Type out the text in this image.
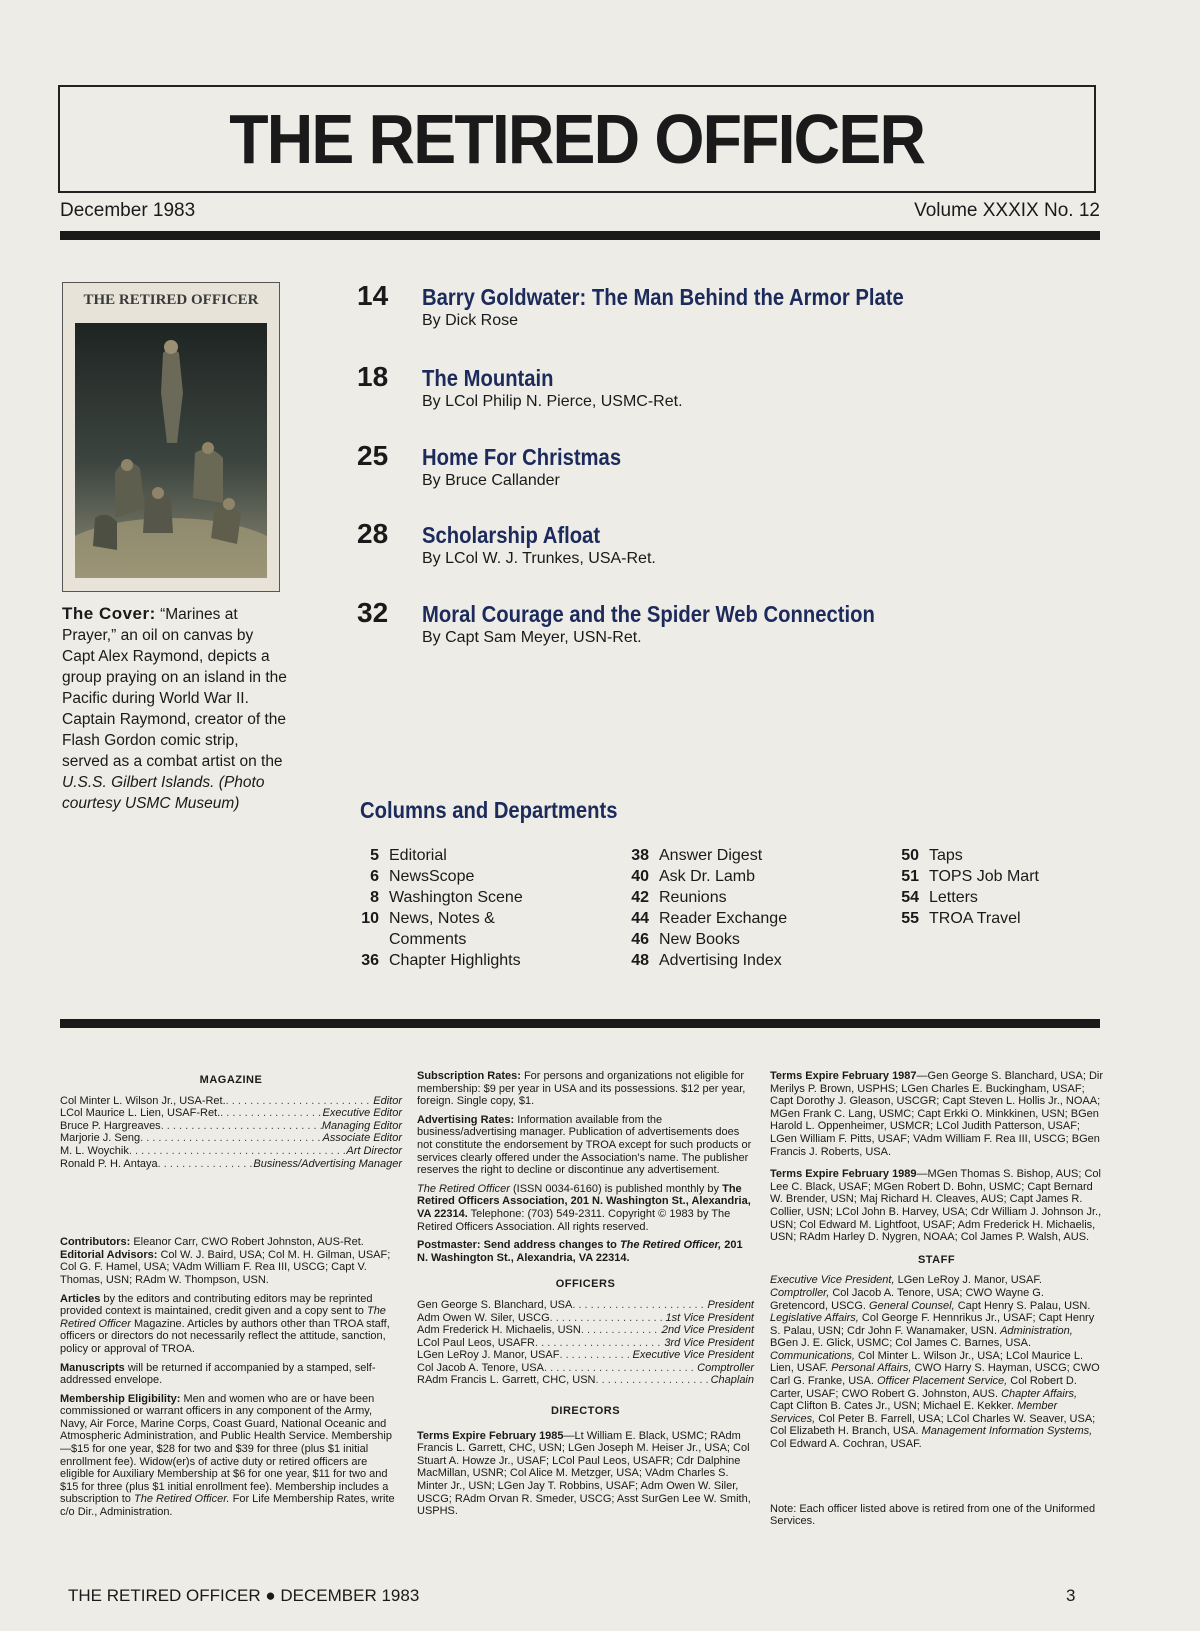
THE RETIRED OFFICER
December 1983	Volume XXXIX No. 12
THE RETIRED OFFICER
The Cover: “Marines at Prayer,” an oil on canvas by Capt Alex Raymond, depicts a group praying on an island in the Pacific during World War II. Captain Raymond, creator of the Flash Gordon comic strip, served as a combat artist on the U.S.S. Gilbert Islands. (Photo courtesy USMC Museum)
14 Barry Goldwater: The Man Behind the Armor Plate
By Dick Rose
18 The Mountain
By LCol Philip N. Pierce, USMC-Ret.
25 Home For Christmas
By Bruce Callander
28 Scholarship Afloat
By LCol W. J. Trunkes, USA-Ret.
32 Moral Courage and the Spider Web Connection
By Capt Sam Meyer, USN-Ret.
Columns and Departments
5 Editorial
6 NewsScope
8 Washington Scene
10 News, Notes &
Comments
36 Chapter Highlights
38 Answer Digest
40 Ask Dr. Lamb
42 Reunions
44 Reader Exchange
46 New Books
48 Advertising Index
50 Taps
51 TOPS Job Mart
54 Letters
55 TROA Travel
MAGAZINE
Col Minter L. Wilson Jr., USA-Ret. . . .	Editor
LCol Maurice L. Lien, USAF-Ret. . . .	Executive Editor
Bruce P. Hargreaves . . .	Managing Editor
Marjorie J. Seng . . .	Associate Editor
M. L. Woychik . . .	Art Director
Ronald P. H. Antaya . . .	Business/Advertising Manager

Contributors: Eleanor Carr, CWO Robert Johnston, AUS-Ret. Editorial Advisors: Col W. J. Baird, USA; Col M. H. Gilman, USAF; Col G. F. Hamel, USA; VAdm William F. Rea III, USCG; Capt V. Thomas, USN; RAdm W. Thompson, USN.

Articles by the editors and contributing editors may be reprinted provided context is maintained, credit given and a copy sent to The Retired Officer Magazine. Articles by authors other than TROA staff, officers or directors do not necessarily reflect the attitude, sanction, policy or approval of TROA.

Manuscripts will be returned if accompanied by a stamped, self-addressed envelope.

Membership Eligibility: Men and women who are or have been commissioned or warrant officers in any component of the Army, Navy, Air Force, Marine Corps, Coast Guard, National Oceanic and Atmospheric Administration, and Public Health Service. Membership—$15 for one year, $28 for two and $39 for three (plus $1 initial enrollment fee). Widow(er)s of active duty or retired officers are eligible for Auxiliary Membership at $6 for one year, $11 for two and $15 for three (plus $1 initial enrollment fee). Membership includes a subscription to The Retired Officer. For Life Membership Rates, write c/o Dir., Administration.

Subscription Rates: For persons and organizations not eligible for membership: $9 per year in USA and its possessions. $12 per year, foreign. Single copy, $1.

Advertising Rates: Information available from the business/advertising manager. Publication of advertisements does not constitute the endorsement by TROA except for such products or services clearly offered under the Association's name. The publisher reserves the right to decline or discontinue any advertisement.

The Retired Officer (ISSN 0034-6160) is published monthly by The Retired Officers Association, 201 N. Washington St., Alexandria, VA 22314. Telephone: (703) 549-2311. Copyright © 1983 by The Retired Officers Association. All rights reserved.

Postmaster: Send address changes to The Retired Officer, 201 N. Washington St., Alexandria, VA 22314.

OFFICERS
Gen George S. Blanchard, USA . . .	President
Adm Owen W. Siler, USCG . . .	1st Vice President
Adm Frederick H. Michaelis, USN . . .	2nd Vice President
LCol Paul Leos, USAFR . . .	3rd Vice President
LGen LeRoy J. Manor, USAF . . .	Executive Vice President
Col Jacob A. Tenore, USA . . .	Comptroller
RAdm Francis L. Garrett, CHC, USN . . .	Chaplain
DIRECTORS

Terms Expire February 1985—Lt William E. Black, USMC; RAdm Francis L. Garrett, CHC, USN; LGen Joseph M. Heiser Jr., USA; Col Stuart A. Howze Jr., USAF; LCol Paul Leos, USAFR; Cdr Dalphine MacMillan, USNR; Col Alice M. Metzger, USA; VAdm Charles S. Minter Jr., USN; LGen Jay T. Robbins, USAF; Adm Owen W. Siler, USCG; RAdm Orvan R. Smeder, USCG; Asst SurGen Lee W. Smith, USPHS.

Terms Expire February 1987—Gen George S. Blanchard, USA; Dir Merilys P. Brown, USPHS; LGen Charles E. Buckingham, USAF; Capt Dorothy J. Gleason, USCGR; Capt Steven L. Hollis Jr., NOAA; MGen Frank C. Lang, USMC; Capt Erkki O. Minkkinen, USN; BGen Harold L. Oppenheimer, USMCR; LCol Judith Patterson, USAF; LGen William F. Pitts, USAF; VAdm William F. Rea III, USCG; BGen Francis J. Roberts, USA.

Terms Expire February 1989—MGen Thomas S. Bishop, AUS; Col Lee C. Black, USAF; MGen Robert D. Bohn, USMC; Capt Bernard W. Brender, USN; Maj Richard H. Cleaves, AUS; Capt James R. Collier, USN; LCol John B. Harvey, USA; Cdr William J. Johnson Jr., USN; Col Edward M. Lightfoot, USAF; Adm Frederick H. Michaelis, USN; RAdm Harley D. Nygren, NOAA; Col James P. Walsh, AUS.

STAFF

Executive Vice President, LGen LeRoy J. Manor, USAF. Comptroller, Col Jacob A. Tenore, USA; CWO Wayne G. Gretencord, USCG. General Counsel, Capt Henry S. Palau, USN. Legislative Affairs, Col George F. Hennrikus Jr., USAF; Capt Henry S. Palau, USN; Cdr John F. Wanamaker, USN. Administration, BGen J. E. Glick, USMC; Col James C. Barnes, USA. Communications, Col Minter L. Wilson Jr., USA; LCol Maurice L. Lien, USAF. Personal Affairs, CWO Harry S. Hayman, USCG; CWO Carl G. Franke, USA. Officer Placement Service, Col Robert D. Carter, USAF; CWO Robert G. Johnston, AUS. Chapter Affairs, Capt Clifton B. Cates Jr., USN; Michael E. Kekker. Member Services, Col Peter B. Farrell, USA; LCol Charles W. Seaver, USA; Col Elizabeth H. Branch, USA. Management Information Systems, Col Edward A. Cochran, USAF.

Note: Each officer listed above is retired from one of the Uniformed Services.

THE RETIRED OFFICER ● DECEMBER 1983	3
